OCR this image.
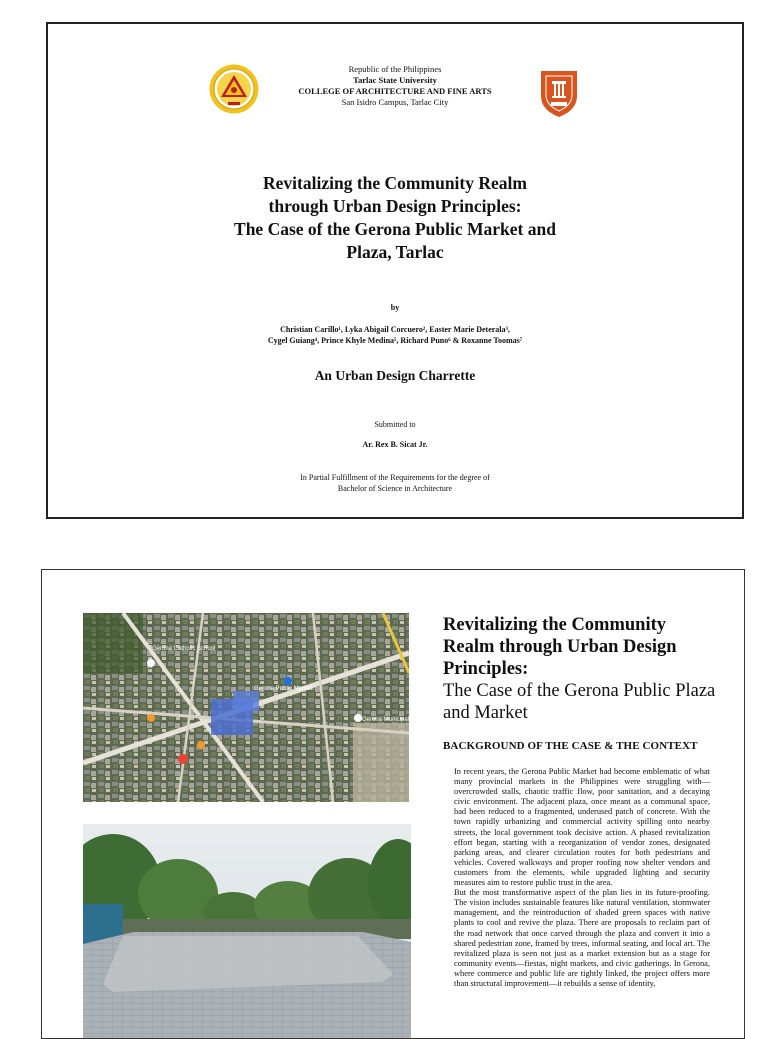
Republic of the Philippines
Tarlac State University
COLLEGE OF ARCHITECTURE AND FINE ARTS
San Isidro Campus, Tarlac City
Revitalizing the Community Realm
through Urban Design Principles:
The Case of the Gerona Public Market and
Plaza, Tarlac
by
Christian Carillo¹, Lyka Abigail Corcuero², Easter Marie Deterala³,
Cygel Guiang⁴, Prince Khyle Medina⁵, Richard Puno⁶ & Roxanne Toomas⁷
An Urban Design Charrette
Submitted to
Ar. Rex B. Sicat Jr.
In Partial Fulfillment of the Requirements for the degree of
Bachelor of Science in Architecture
Gerona Catholic School
Gerona Public Market
Gerona Municipal
Revitalizing the Community
Realm through Urban Design
Principles:
The Case of the Gerona Public Plaza
and Market
BACKGROUND OF THE CASE & THE CONTEXT

In recent years, the Gerona Public Market had become emblematic of what many provincial markets in the Philippines were struggling with—overcrowded stalls, chaotic traffic flow, poor sanitation, and a decaying civic environment. The adjacent plaza, once meant as a communal space, had been reduced to a fragmented, underused patch of concrete. With the town rapidly urbanizing and commercial activity spilling onto nearby streets, the local government took decisive action. A phased revitalization effort began, starting with a reorganization of vendor zones, designated parking areas, and clearer circulation routes for both pedestrians and vehicles. Covered walkways and proper roofing now shelter vendors and customers from the elements, while upgraded lighting and security measures aim to restore public trust in the area.

But the most transformative aspect of the plan lies in its future-proofing. The vision includes sustainable features like natural ventilation, stormwater management, and the reintroduction of shaded green spaces with native plants to cool and revive the plaza. There are proposals to reclaim part of the road network that once carved through the plaza and convert it into a shared pedestrian zone, framed by trees, informal seating, and local art. The revitalized plaza is seen not just as a market extension but as a stage for community events—fiestas, night markets, and civic gatherings. In Gerona, where commerce and public life are tightly linked, the project offers more than structural improvement—it rebuilds a sense of identity,
